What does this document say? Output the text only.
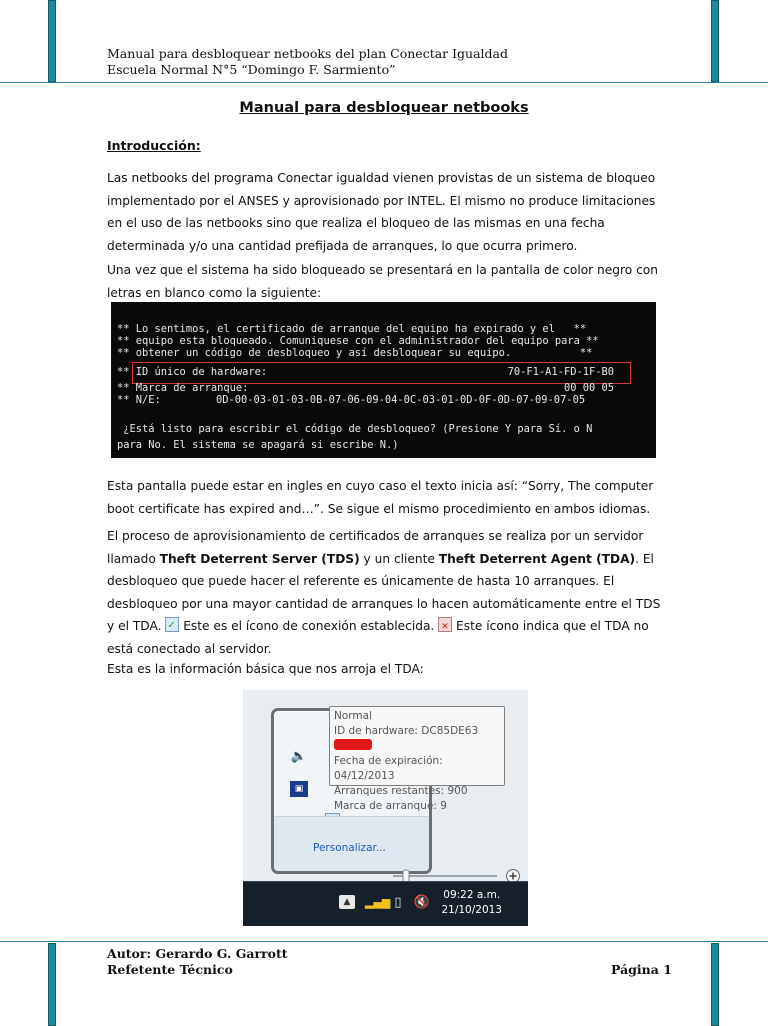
Manual para desbloquear netbooks del plan Conectar Igualdad
Escuela Normal N°5 “Domingo F. Sarmiento”
Manual para desbloquear netbooks
Introducción:
Las netbooks del programa Conectar igualdad vienen provistas de un sistema de bloqueo implementado por el ANSES y aprovisionado por INTEL. El mismo no produce limitaciones en el uso de las netbooks sino que realiza el bloqueo de las mismas en una fecha determinada y/o una cantidad prefijada de arranques, lo que ocurra primero.
Una vez que el sistema ha sido bloqueado se presentará en la pantalla de color negro con letras en blanco como la siguiente:
** Lo sentimos, el certificado de arranque del equipo ha expirado y el   **
** equipo esta bloqueado. Comuniquese con el administrador del equipo para **
** obtener un código de desbloqueo y así desbloquear su equipo.           **
** ID único de hardware:	70-F1-A1-FD-1F-B0
** Marca de arranque:	00 00 05
** N/E:	0D-00-03-01-03-0B-07-06-09-04-0C-03-01-0D-0F-0D-07-09-07-05
¿Está listo para escribir el código de desbloqueo? (Presione Y para Sí. o N
para No. El sistema se apagará si escribe N.)
Esta pantalla puede estar en ingles en cuyo caso el texto inicia así: “Sorry, The computer boot certificate has expired and…”. Se sigue el mismo procedimiento en ambos idiomas.
El proceso de aprovisionamiento de certificados de arranques se realiza por un servidor llamado Theft Deterrent Server (TDS) y un cliente Theft Deterrent Agent (TDA). El desbloqueo que puede hacer el referente es únicamente de hasta 10 arranques. El desbloqueo por una mayor cantidad de arranques lo hacen automáticamente entre el TDS y el TDA. ✓ Este es el ícono de conexión establecida. ✕ Este ícono indica que el TDA no está conectado al servidor.
Esta es la información básica que nos arroja el TDA:
🔈
▣
Personalizar...
Normal
ID de hardware: DC85DE63
Fecha de expiración: 04/12/2013
Arranques restantes: 900
Marca de arranque: 9
▲	▂▄▆ ▯ 🔇 09:22 a.m.
21/10/2013
Autor: Gerardo G. Garrott
Refetente Técnico	Página 1
